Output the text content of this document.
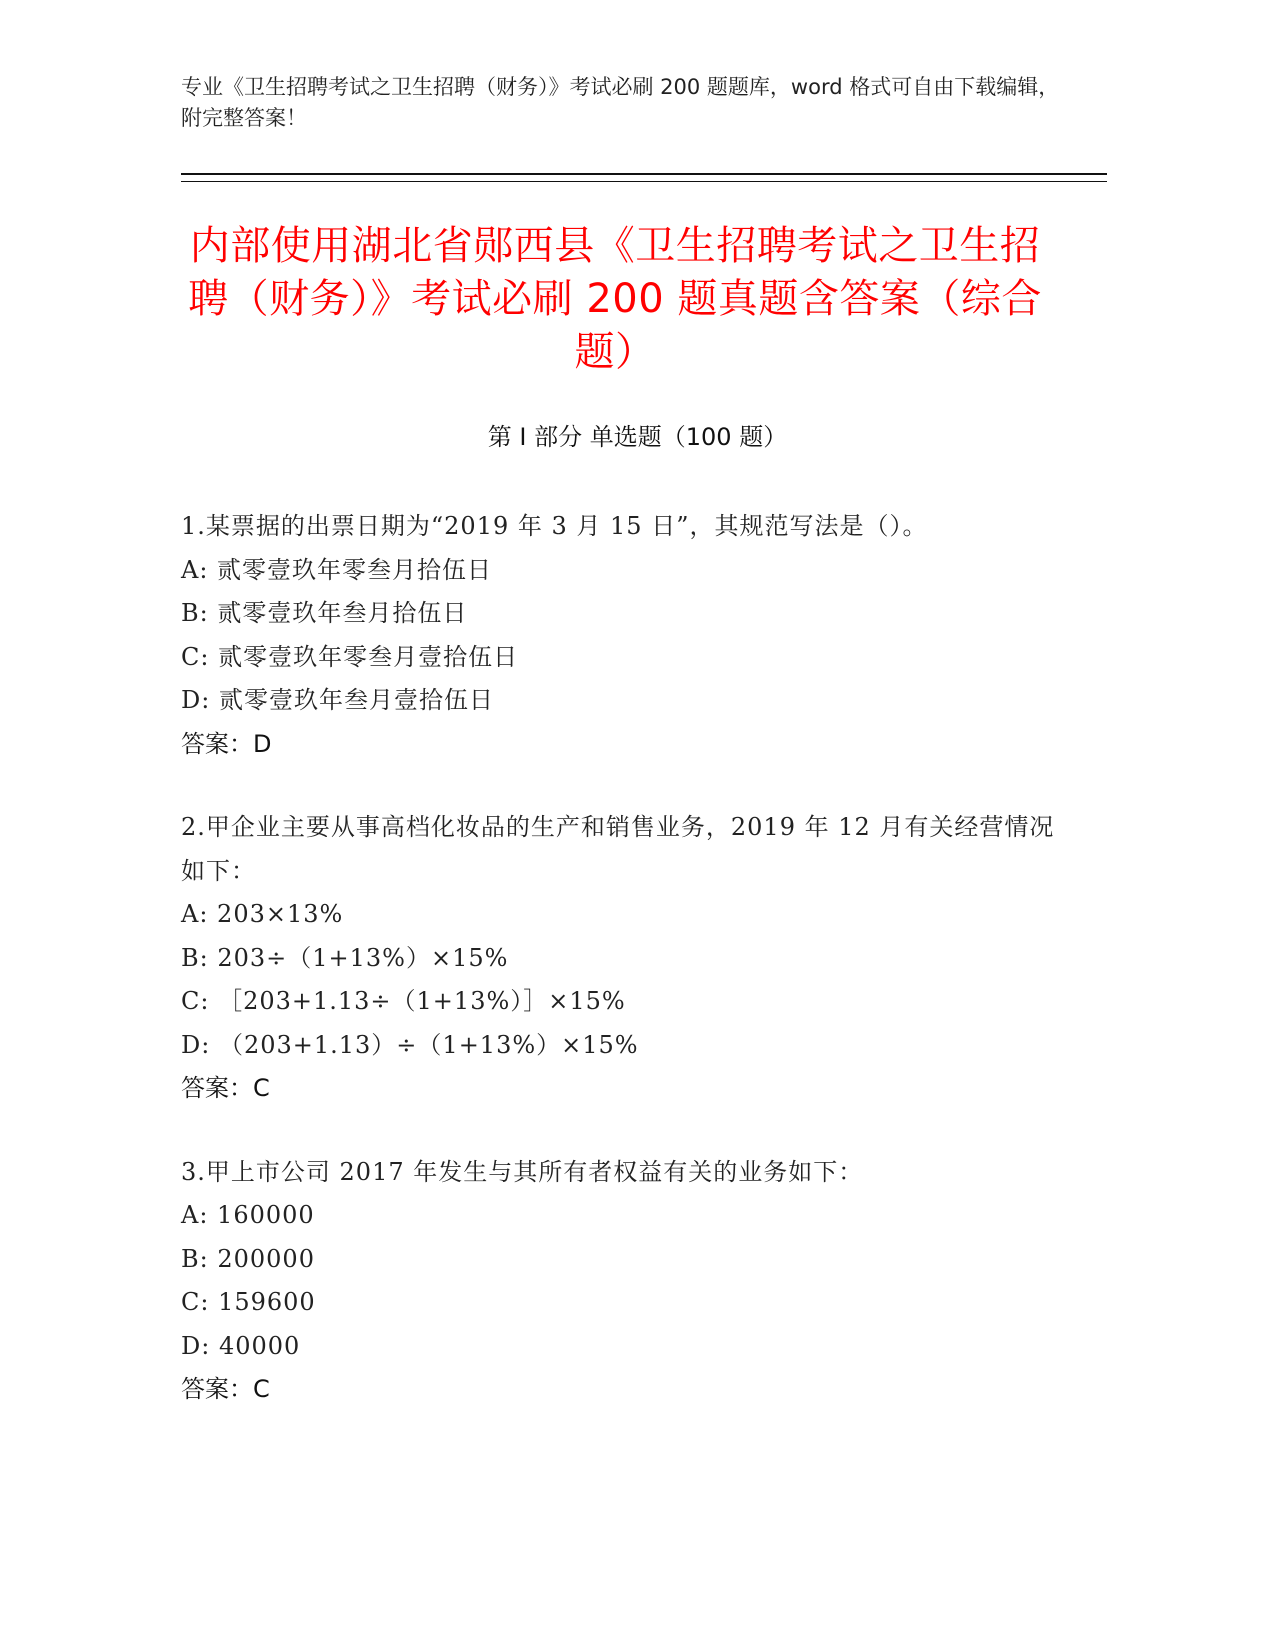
专业《卫生招聘考试之卫生招聘（财务）》考试必刷 200 题题库，word 格式可自由下载编辑，附完整答案！
内部使用湖北省郧西县《卫生招聘考试之卫生招聘（财务）》考试必刷 200 题真题含答案（综合题）
第 I 部分 单选题（100 题）
1.某票据的出票日期为“2019 年 3 月 15 日”，其规范写法是（）。
A: 贰零壹玖年零叁月拾伍日
B: 贰零壹玖年叁月拾伍日
C: 贰零壹玖年零叁月壹拾伍日
D: 贰零壹玖年叁月壹拾伍日
答案：D
2.甲企业主要从事高档化妆品的生产和销售业务，2019 年 12 月有关经营情况如下：
A: 203×13%
B: 203÷（1+13%）×15%
C: ［203+1.13÷（1+13%）］×15%
D: （203+1.13）÷（1+13%）×15%
答案：C
3.甲上市公司 2017 年发生与其所有者权益有关的业务如下：
A: 160000
B: 200000
C: 159600
D: 40000
答案：C
